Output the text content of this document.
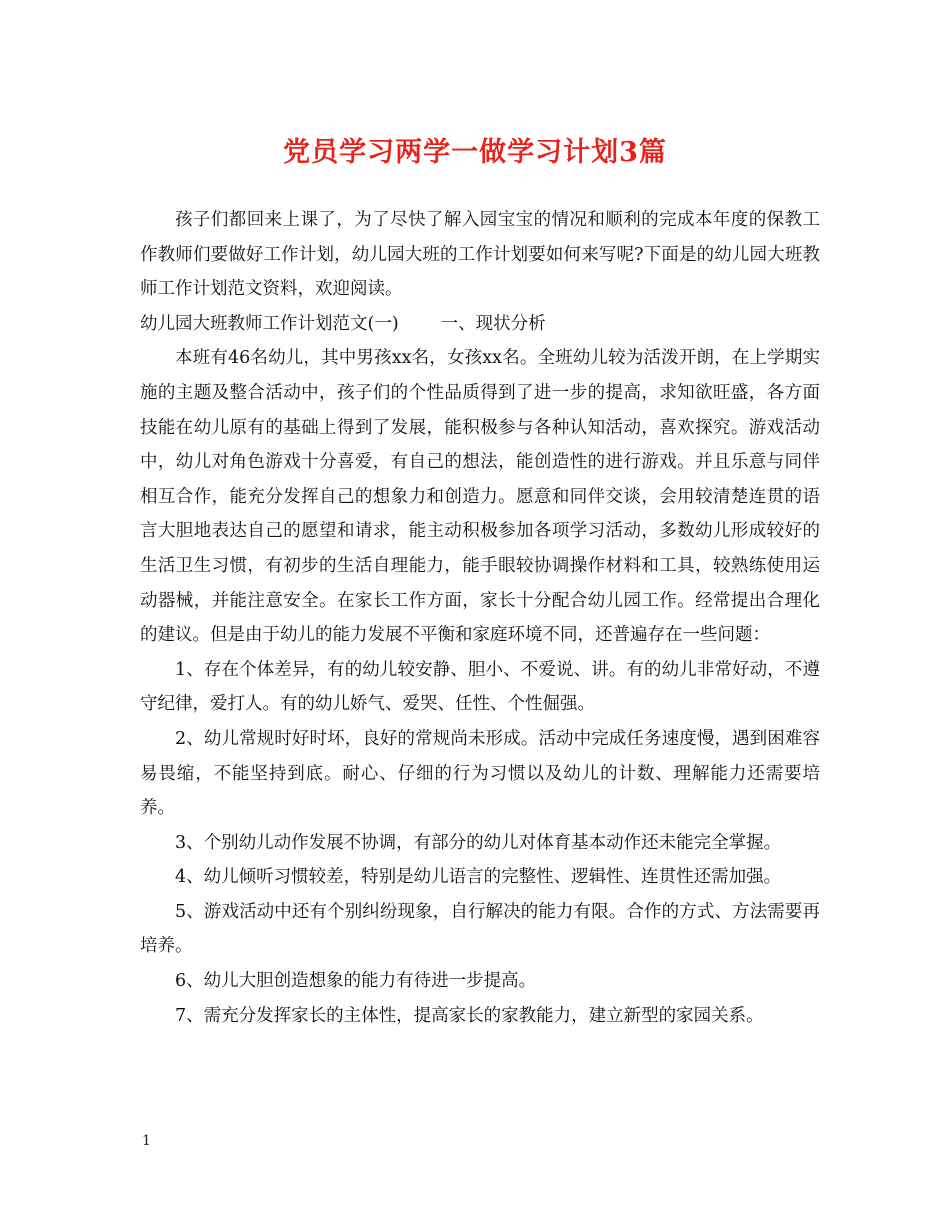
党员学习两学一做学习计划3篇

孩子们都回来上课了，为了尽快了解入园宝宝的情况和顺利的完成本年度的保教工作教师们要做好工作计划，幼儿园大班的工作计划要如何来写呢?下面是的幼儿园大班教师工作计划范文资料，欢迎阅读。

幼儿园大班教师工作计划范文(一) 一、现状分析

本班有46名幼儿，其中男孩xx名，女孩xx名。全班幼儿较为活泼开朗，在上学期实施的主题及整合活动中，孩子们的个性品质得到了进一步的提高，求知欲旺盛，各方面技能在幼儿原有的基础上得到了发展，能积极参与各种认知活动，喜欢探究。游戏活动中，幼儿对角色游戏十分喜爱，有自己的想法，能创造性的进行游戏。并且乐意与同伴相互合作，能充分发挥自己的想象力和创造力。愿意和同伴交谈，会用较清楚连贯的语言大胆地表达自己的愿望和请求，能主动积极参加各项学习活动，多数幼儿形成较好的生活卫生习惯，有初步的生活自理能力，能手眼较协调操作材料和工具，较熟练使用运动器械，并能注意安全。在家长工作方面，家长十分配合幼儿园工作。经常提出合理化的建议。但是由于幼儿的能力发展不平衡和家庭环境不同，还普遍存在一些问题：

1、存在个体差异，有的幼儿较安静、胆小、不爱说、讲。有的幼儿非常好动，不遵守纪律，爱打人。有的幼儿娇气、爱哭、任性、个性倔强。

2、幼儿常规时好时坏，良好的常规尚未形成。活动中完成任务速度慢，遇到困难容易畏缩，不能坚持到底。耐心、仔细的行为习惯以及幼儿的计数、理解能力还需要培养。

3、个别幼儿动作发展不协调，有部分的幼儿对体育基本动作还未能完全掌握。

4、幼儿倾听习惯较差，特别是幼儿语言的完整性、逻辑性、连贯性还需加强。

5、游戏活动中还有个别纠纷现象，自行解决的能力有限。合作的方式、方法需要再培养。

6、幼儿大胆创造想象的能力有待进一步提高。

7、需充分发挥家长的主体性，提高家长的家教能力，建立新型的家园关系。

1
